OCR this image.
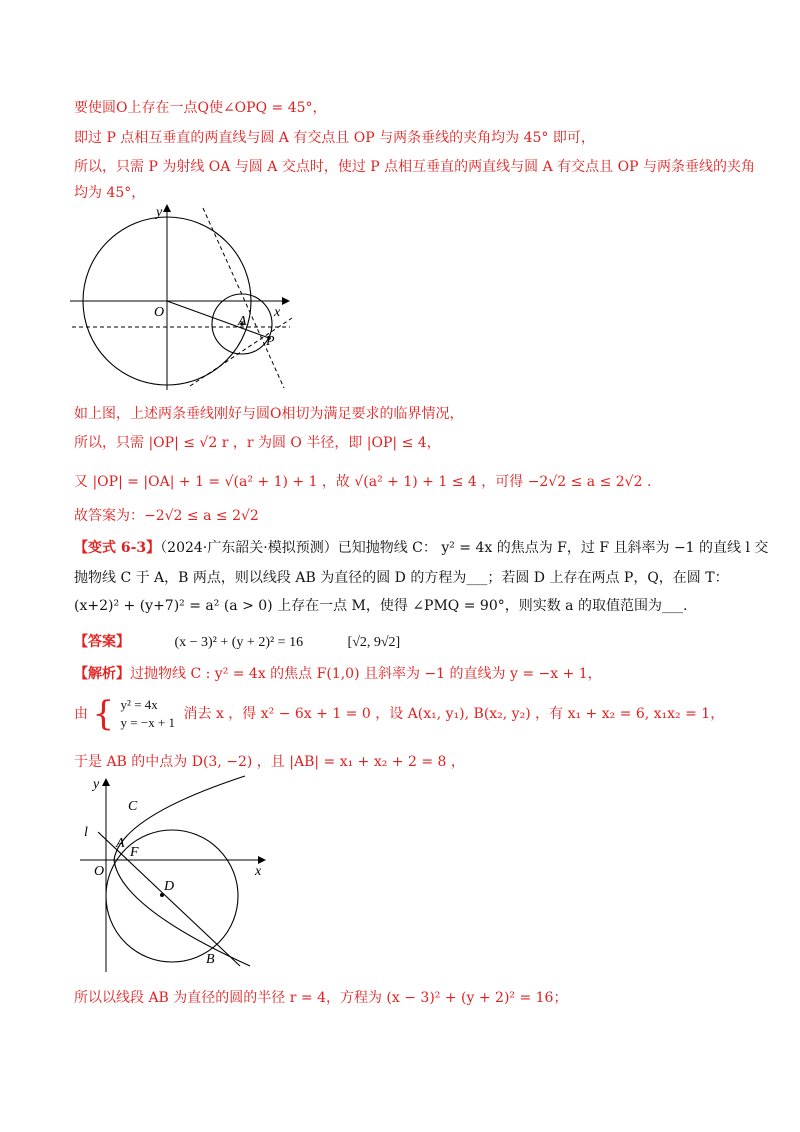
要使圆O上存在一点Q使∠OPQ = 45°，
即过 P 点相互垂直的两直线与圆 A 有交点且 OP 与两条垂线的夹角均为 45° 即可，
所以，只需 P 为射线 OA 与圆 A 交点时，使过 P 点相互垂直的两直线与圆 A 有交点且 OP 与两条垂线的夹角
均为 45°，
y
O
A
x
P
如上图，上述两条垂线刚好与圆O相切为满足要求的临界情况，
所以，只需 |OP| ≤ √2 r ，r 为圆 O 半径，即 |OP| ≤ 4，
又 |OP| = |OA| + 1 = √(a² + 1) + 1 ，故 √(a² + 1) + 1 ≤ 4 ，可得 −2√2 ≤ a ≤ 2√2 .
故答案为：−2√2 ≤ a ≤ 2√2
【变式 6-3】（2024·广东韶关·模拟预测）已知抛物线 C： y² = 4x 的焦点为 F，过 F 且斜率为 −1 的直线 l 交
抛物线 C 于 A，B 两点，则以线段 AB 为直径的圆 D 的方程为___；若圆 D 上存在两点 P，Q，在圆 T：
(x+2)² + (y+7)² = a² (a > 0) 上存在一点 M，使得 ∠PMQ = 90°，则实数 a 的取值范围为___.
【答案】	(x − 3)² + (y + 2)² = 16	[√2, 9√2]
【解析】过抛物线 C : y² = 4x 的焦点 F(1,0) 且斜率为 −1 的直线为 y = −x + 1，
由 { y² = 4x
y = −x + 1
消去 x ，得 x² − 6x + 1 = 0 ，设 A(x₁, y₁), B(x₂, y₂) ，有 x₁ + x₂ = 6, x₁x₂ = 1，
于是 AB 的中点为 D(3, −2) ，且 |AB| = x₁ + x₂ + 2 = 8 ，
y
C
l
A
F
O	x
D
B
所以以线段 AB 为直径的圆的半径 r = 4，方程为 (x − 3)² + (y + 2)² = 16；
